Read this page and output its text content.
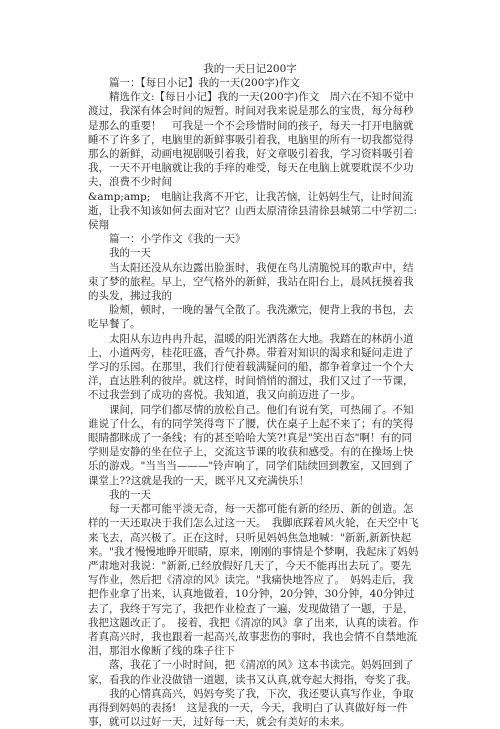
我的一天日记200字

篇一：【每日小记】我的一天(200字)作文

精选作文:【每日小记】我的一天(200字)作文　周六在不知不觉中渡过，我深有体会时间的短暂。时间对我来说是那么的宝贵，每分每秒是那么的重要！　可我是一个不会珍惜时间的孩子，每天一打开电脑就睡不了许多了，电脑里的新鲜事吸引着我，电脑里的所有一切我都觉得那么的新鲜，动画电视剧吸引着我，好文章吸引着我，学习资料吸引着我，一天不开电脑就让我的手痒的难受，每天在电脑上就要耽误不少功夫，浪费不少时间

&amp;amp;　电脑让我离不开它，让我苦恼，让妈妈生气，让时间流逝，让我不知该如何去面对它？山西太原清徐县清徐县城第二中学初二:侯翔

篇一：小学作文《我的一天》

我的一天

当太阳还没从东边露出脸蛋时，我便在鸟儿清脆悦耳的歌声中，结束了梦的旅程。早上，空气格外的新鲜，我站在阳台上，晨风抚摸着我的头发，拂过我的

脸颊，顿时，一晚的暑气全散了。我洗漱完，便背上我的书包，去吃早餐了。

太阳从东边冉冉升起，温暖的阳光洒落在大地。我踏在的林荫小道上，小道两旁，桂花旺盛，香气扑鼻。带着对知识的渴求和疑问走进了学习的乐园。在那里，我们行使着载满疑问的船，都争着拿过一个个大洋，直达胜利的彼岸。就这样，时间悄悄的溜过，我们又过了一节课，不过我尝到了成功的喜悦。我知道，我又向前迈进了一步。

课间，同学们都尽情的放松自己。他们有说有笑，可热闹了。不知谁说了什么，有的同学笑得弯下了腰，伏在桌子上起不来了；有的笑得眼睛都眯成了一条线；有的甚至哈哈大笑?!真是"笑出百态"啊！有的同学则是安静的坐在位子上，交流这节课的收获和感受。有的在操场上快乐的游戏。"当当当———"铃声响了，同学们陆续回到教室，又回到了课堂上??这就是我的一天，既平凡又充满快乐！

我的一天

每一天都可能平淡无奇，每一天都可能有新的经历、新的创造。怎样的一天还取决于我们怎么过这一天。　我脚底踩着风火轮，在天空中飞来飞去，高兴极了。正在这时，只听见妈妈焦急地喊："新新,新新快起来。"我才慢慢地睁开眼睛，原来，刚刚的事情是个梦啊，我起床了妈妈严肃地对我说："新新,已经放假好几天了，今天不能再出去玩了。要先写作业，然后把《清凉的风》读完。"我痛快地答应了。　妈妈走后，我把作业拿了出来，认真地做着，10分钟，20分钟，30分钟，40分钟过去了，我终于写完了，我把作业检查了一遍，发现做错了一题，于是，我把这题改正了。　接着，我把《清凉的风》拿了出来，认真的读着。作者真高兴时，我也跟着一起高兴,故事悲伤的事时，我也会情不自禁地流泪，那泪水像断了线的珠子往下

落，我花了一小时时间，把《清凉的风》这本书读完。妈妈回到了家，看我的作业没做错一道题，读书又认真,就夸起大拇指，夸奖了我。

我的心情真高兴，妈妈夸奖了我，下次，我还要认真写作业，争取再得到妈妈的表扬!　这是我的一天，今天，我明白了认真做好每一件事，就可以过好一天，过好每一天，就会有美好的未来。
